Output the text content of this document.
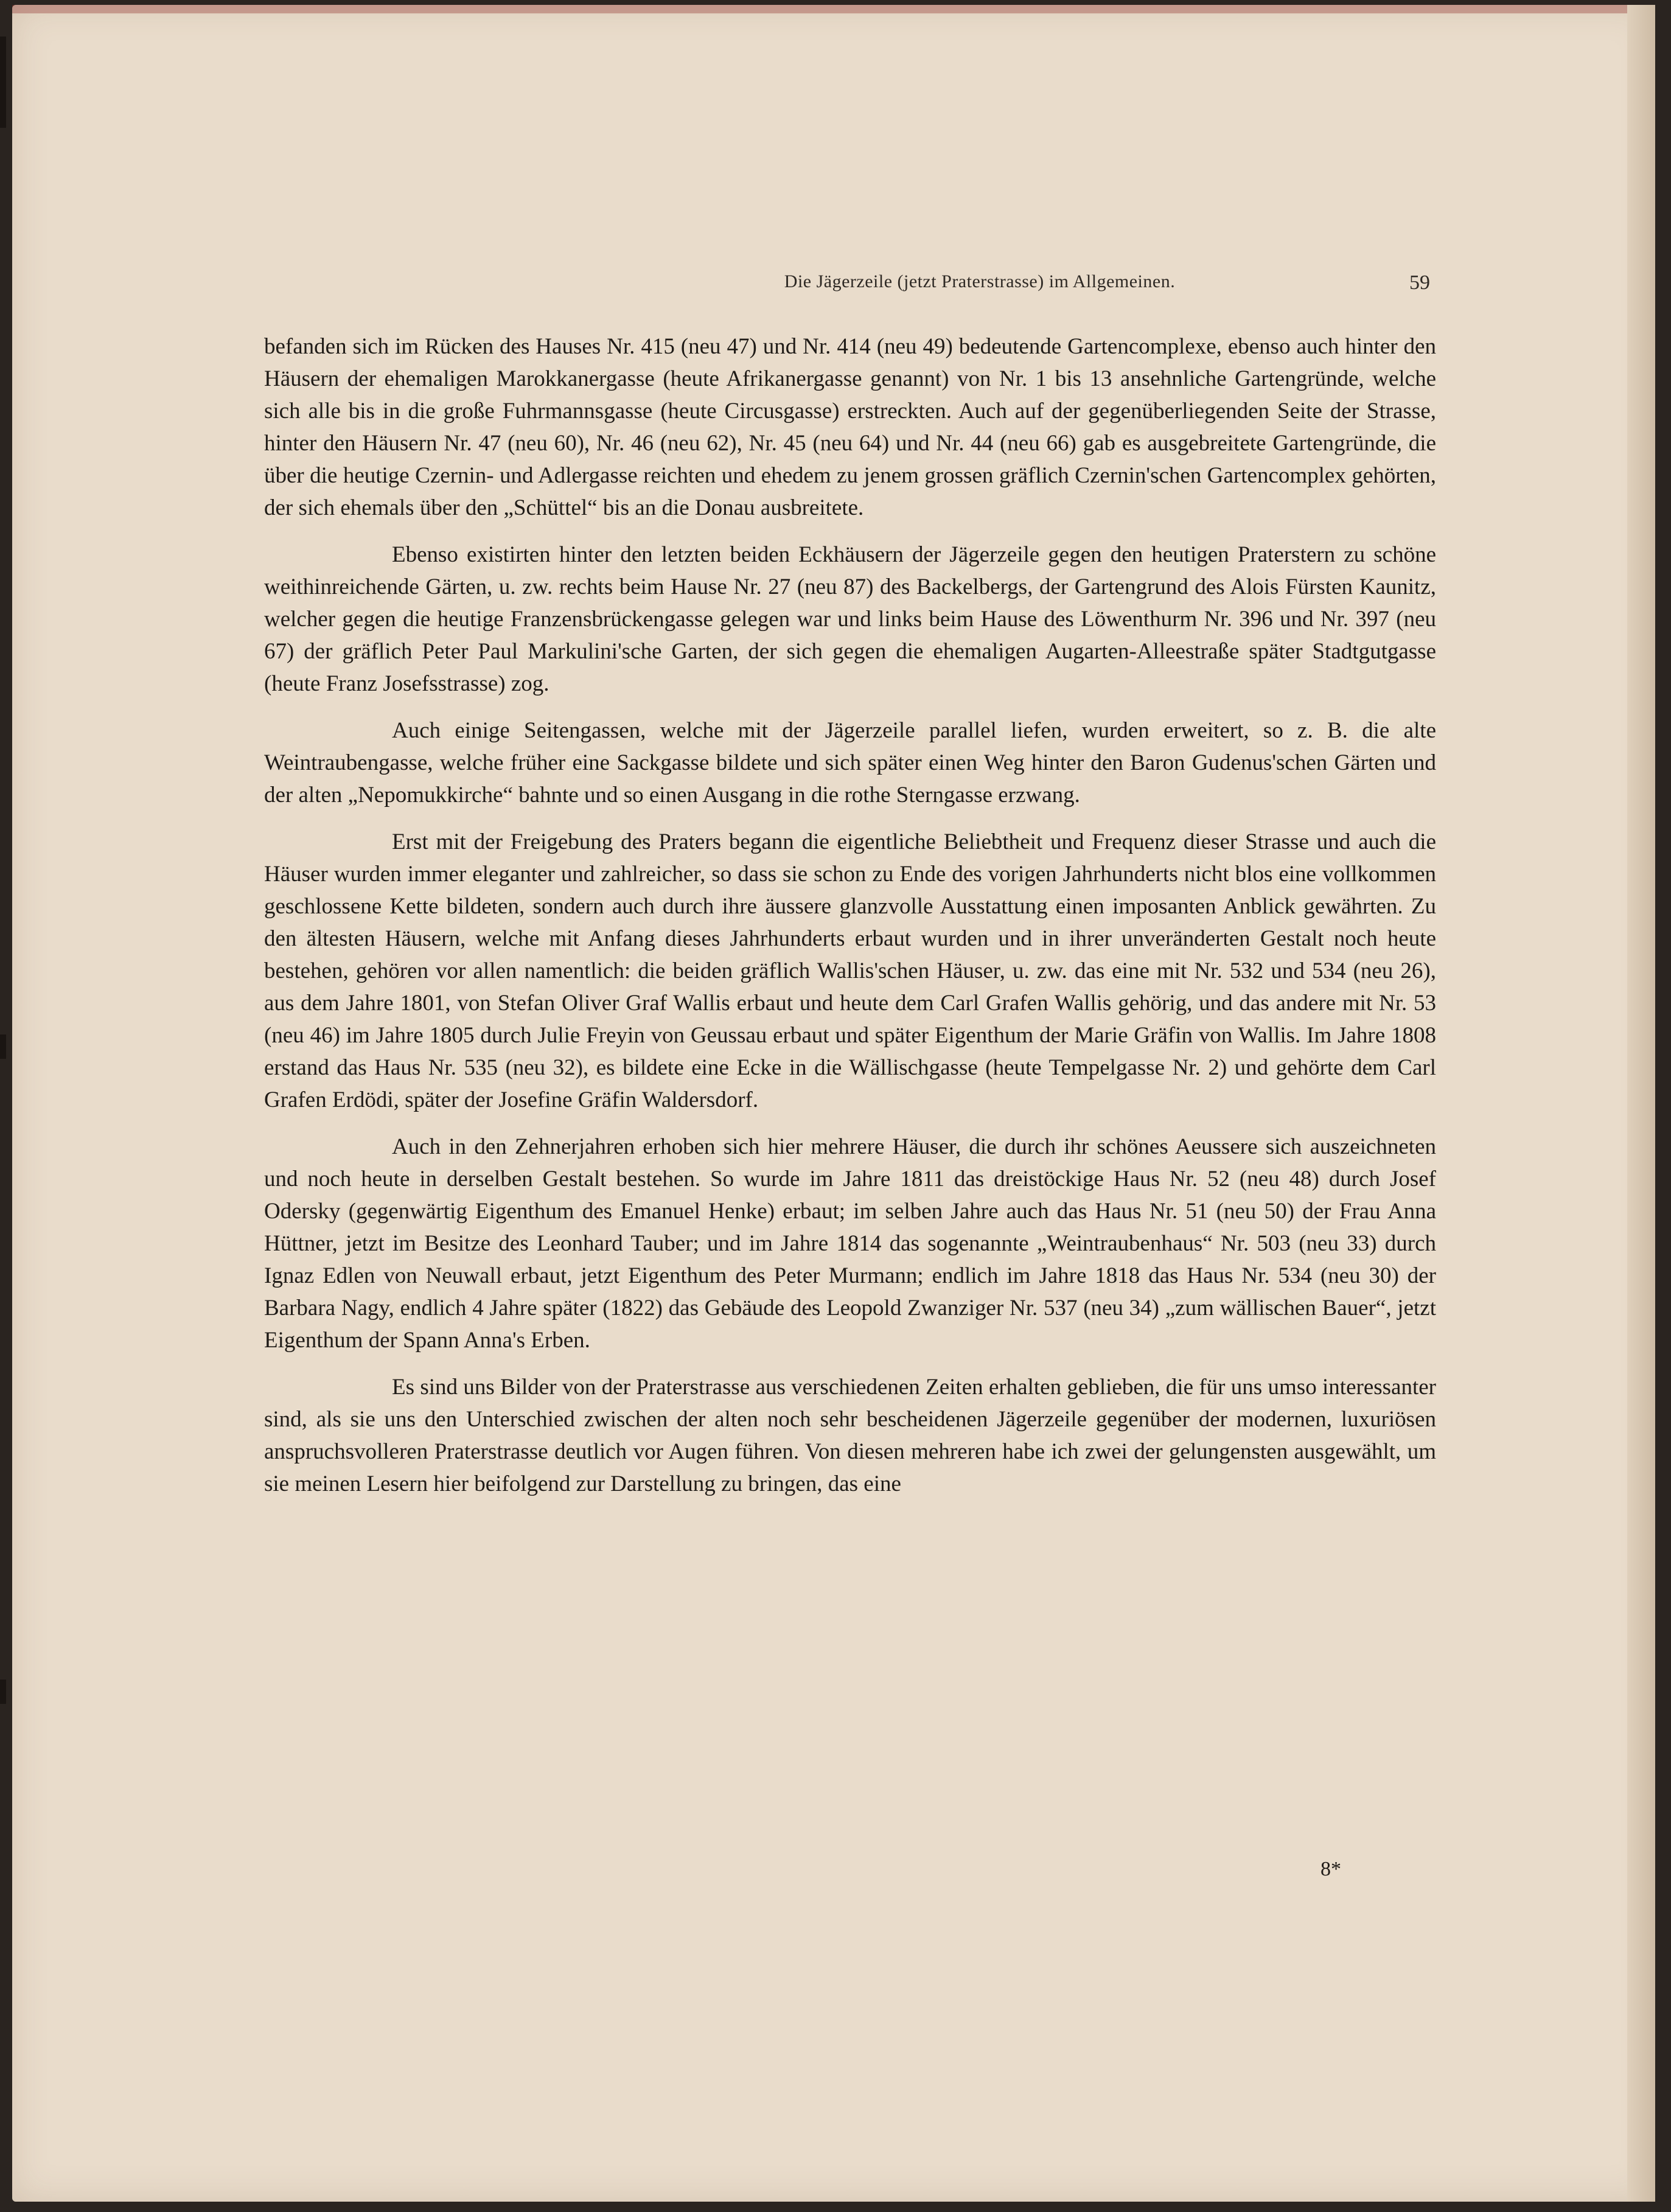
Die Jägerzeile (jetzt Praterstrasse) im Allgemeinen.	59

befanden sich im Rücken des Hauses Nr. 415 (neu 47) und Nr. 414 (neu 49) bedeutende Gartencomplexe, ebenso auch hinter den Häusern der ehemaligen Marokkanergasse (heute Afrikanergasse genannt) von Nr. 1 bis 13 ansehnliche Gartengründe, welche sich alle bis in die große Fuhrmannsgasse (heute Circusgasse) erstreckten. Auch auf der gegenüberliegenden Seite der Strasse, hinter den Häusern Nr. 47 (neu 60), Nr. 46 (neu 62), Nr. 45 (neu 64) und Nr. 44 (neu 66) gab es ausgebreitete Gartengründe, die über die heutige Czernin- und Adlergasse reichten und ehedem zu jenem grossen gräflich Czernin'schen Gartencomplex gehörten, der sich ehemals über den „Schüttel“ bis an die Donau ausbreitete.

Ebenso existirten hinter den letzten beiden Eckhäusern der Jägerzeile gegen den heutigen Praterstern zu schöne weithinreichende Gärten, u. zw. rechts beim Hause Nr. 27 (neu 87) des Backelbergs, der Gartengrund des Alois Fürsten Kaunitz, welcher gegen die heutige Franzensbrückengasse gelegen war und links beim Hause des Löwenthurm Nr. 396 und Nr. 397 (neu 67) der gräflich Peter Paul Markulini'sche Garten, der sich gegen die ehemaligen Augarten-Alleestraße später Stadtgutgasse (heute Franz Josefsstrasse) zog.

Auch einige Seitengassen, welche mit der Jägerzeile parallel liefen, wurden erweitert, so z. B. die alte Weintraubengasse, welche früher eine Sackgasse bildete und sich später einen Weg hinter den Baron Gudenus'schen Gärten und der alten „Nepomukkirche“ bahnte und so einen Ausgang in die rothe Sterngasse erzwang.

Erst mit der Freigebung des Praters begann die eigentliche Beliebtheit und Frequenz dieser Strasse und auch die Häuser wurden immer eleganter und zahlreicher, so dass sie schon zu Ende des vorigen Jahrhunderts nicht blos eine vollkommen geschlossene Kette bildeten, sondern auch durch ihre äussere glanzvolle Ausstattung einen imposanten Anblick gewährten. Zu den ältesten Häusern, welche mit Anfang dieses Jahrhunderts erbaut wurden und in ihrer unveränderten Gestalt noch heute bestehen, gehören vor allen namentlich: die beiden gräflich Wallis'schen Häuser, u. zw. das eine mit Nr. 532 und 534 (neu 26), aus dem Jahre 1801, von Stefan Oliver Graf Wallis erbaut und heute dem Carl Grafen Wallis gehörig, und das andere mit Nr. 53 (neu 46) im Jahre 1805 durch Julie Freyin von Geussau erbaut und später Eigenthum der Marie Gräfin von Wallis. Im Jahre 1808 erstand das Haus Nr. 535 (neu 32), es bildete eine Ecke in die Wällischgasse (heute Tempelgasse Nr. 2) und gehörte dem Carl Grafen Erdödi, später der Josefine Gräfin Waldersdorf.

Auch in den Zehnerjahren erhoben sich hier mehrere Häuser, die durch ihr schönes Aeussere sich auszeichneten und noch heute in derselben Gestalt bestehen. So wurde im Jahre 1811 das dreistöckige Haus Nr. 52 (neu 48) durch Josef Odersky (gegenwärtig Eigenthum des Emanuel Henke) erbaut; im selben Jahre auch das Haus Nr. 51 (neu 50) der Frau Anna Hüttner, jetzt im Besitze des Leonhard Tauber; und im Jahre 1814 das sogenannte „Weintraubenhaus“ Nr. 503 (neu 33) durch Ignaz Edlen von Neuwall erbaut, jetzt Eigenthum des Peter Murmann; endlich im Jahre 1818 das Haus Nr. 534 (neu 30) der Barbara Nagy, endlich 4 Jahre später (1822) das Gebäude des Leopold Zwanziger Nr. 537 (neu 34) „zum wällischen Bauer“, jetzt Eigenthum der Spann Anna's Erben.

Es sind uns Bilder von der Praterstrasse aus verschiedenen Zeiten erhalten geblieben, die für uns umso interessanter sind, als sie uns den Unterschied zwischen der alten noch sehr bescheidenen Jägerzeile gegenüber der modernen, luxuriösen anspruchsvolleren Praterstrasse deutlich vor Augen führen. Von diesen mehreren habe ich zwei der gelungensten ausgewählt, um sie meinen Lesern hier beifolgend zur Darstellung zu bringen, das eine

8*
